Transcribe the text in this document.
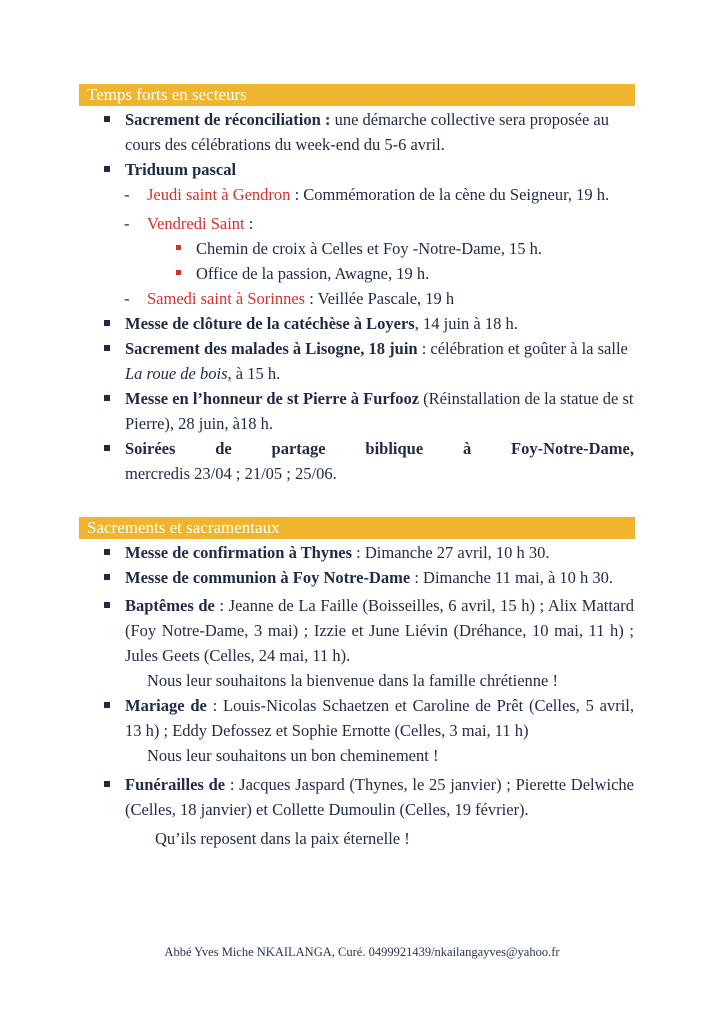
Temps forts en secteurs
Sacrement de réconciliation : une démarche collective sera proposée au cours des célébrations du week-end du 5-6 avril.
Triduum pascal
- Jeudi saint à Gendron : Commémoration de la cène du Seigneur, 19 h.
- Vendredi Saint :
Chemin de croix à Celles et Foy -Notre-Dame, 15 h.
Office de la passion, Awagne, 19 h.
- Samedi saint à Sorinnes : Veillée Pascale, 19 h
Messe de clôture de la catéchèse à Loyers, 14 juin à 18 h.
Sacrement des malades à Lisogne, 18 juin : célébration et goûter à la salle La roue de bois, à 15 h.
Messe en l’honneur de st Pierre à Furfooz (Réinstallation de la statue de st Pierre), 28 juin, à18 h.
Soirées de partage biblique à Foy-Notre-Dame,
mercredis 23/04 ; 21/05 ; 25/06.
Sacrements et sacramentaux
Messe de confirmation à Thynes : Dimanche 27 avril, 10 h 30.
Messe de communion à Foy Notre-Dame : Dimanche 11 mai, à 10 h 30.
Baptêmes de : Jeanne de La Faille (Boisseilles, 6 avril, 15 h) ; Alix Mattard (Foy Notre-Dame, 3 mai) ; Izzie et June Liévin (Dréhance, 10 mai, 11 h) ; Jules Geets (Celles, 24 mai, 11 h).
Nous leur souhaitons la bienvenue dans la famille chrétienne !
Mariage de : Louis-Nicolas Schaetzen et Caroline de Prêt (Celles, 5 avril, 13 h) ; Eddy Defossez et Sophie Ernotte (Celles, 3 mai, 11 h)
Nous leur souhaitons un bon cheminement !
Funérailles de : Jacques Jaspard (Thynes, le 25 janvier) ; Pierette Delwiche (Celles, 18 janvier) et Collette Dumoulin (Celles, 19 février).
Qu’ils reposent dans la paix éternelle !
Abbé Yves Miche NKAILANGA, Curé. 0499921439/nkailangayves@yahoo.fr
